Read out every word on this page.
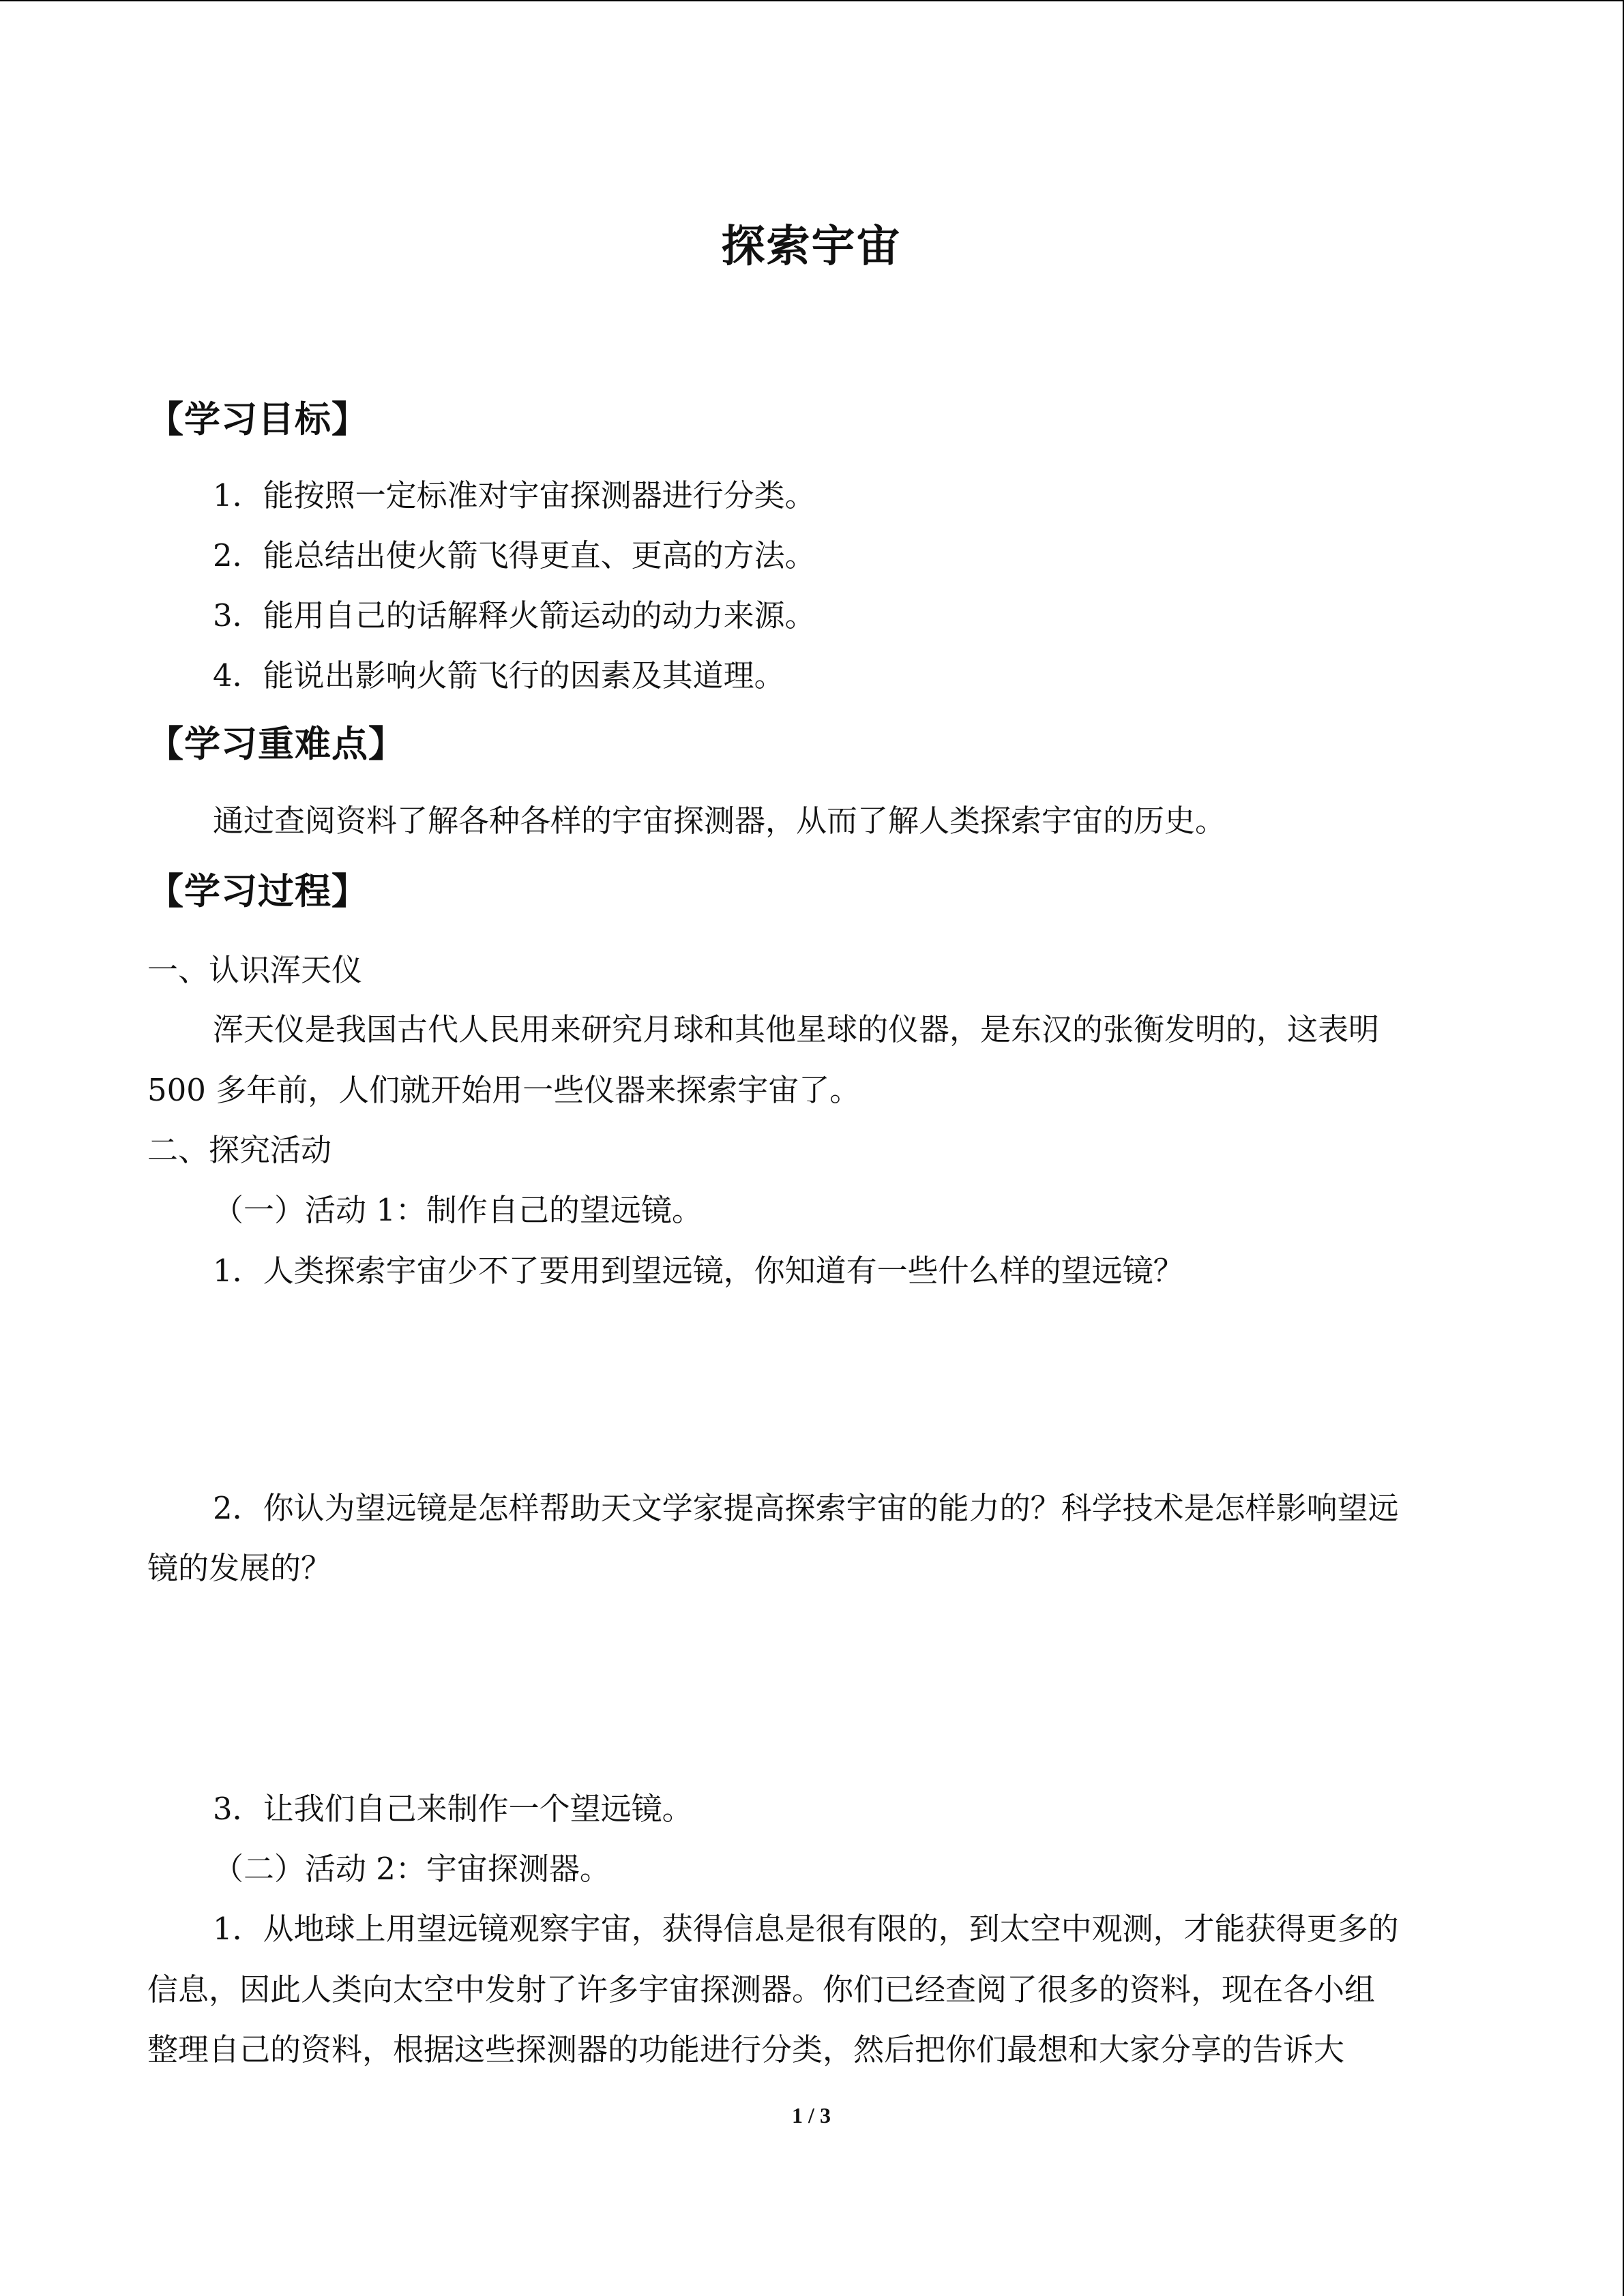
探索宇宙
【学习目标】
1．能按照一定标准对宇宙探测器进行分类。
2．能总结出使火箭飞得更直、更高的方法。
3．能用自己的话解释火箭运动的动力来源。
4．能说出影响火箭飞行的因素及其道理。
【学习重难点】
通过查阅资料了解各种各样的宇宙探测器，从而了解人类探索宇宙的历史。
【学习过程】
一、认识浑天仪
浑天仪是我国古代人民用来研究月球和其他星球的仪器，是东汉的张衡发明的，这表明
500 多年前，人们就开始用一些仪器来探索宇宙了。
二、探究活动
（一）活动 1：制作自己的望远镜。
1．人类探索宇宙少不了要用到望远镜，你知道有一些什么样的望远镜？
2．你认为望远镜是怎样帮助天文学家提高探索宇宙的能力的？科学技术是怎样影响望远
镜的发展的？
3．让我们自己来制作一个望远镜。
（二）活动 2：宇宙探测器。
1．从地球上用望远镜观察宇宙，获得信息是很有限的，到太空中观测，才能获得更多的
信息，因此人类向太空中发射了许多宇宙探测器。你们已经查阅了很多的资料，现在各小组
整理自己的资料，根据这些探测器的功能进行分类，然后把你们最想和大家分享的告诉大
1 / 3
